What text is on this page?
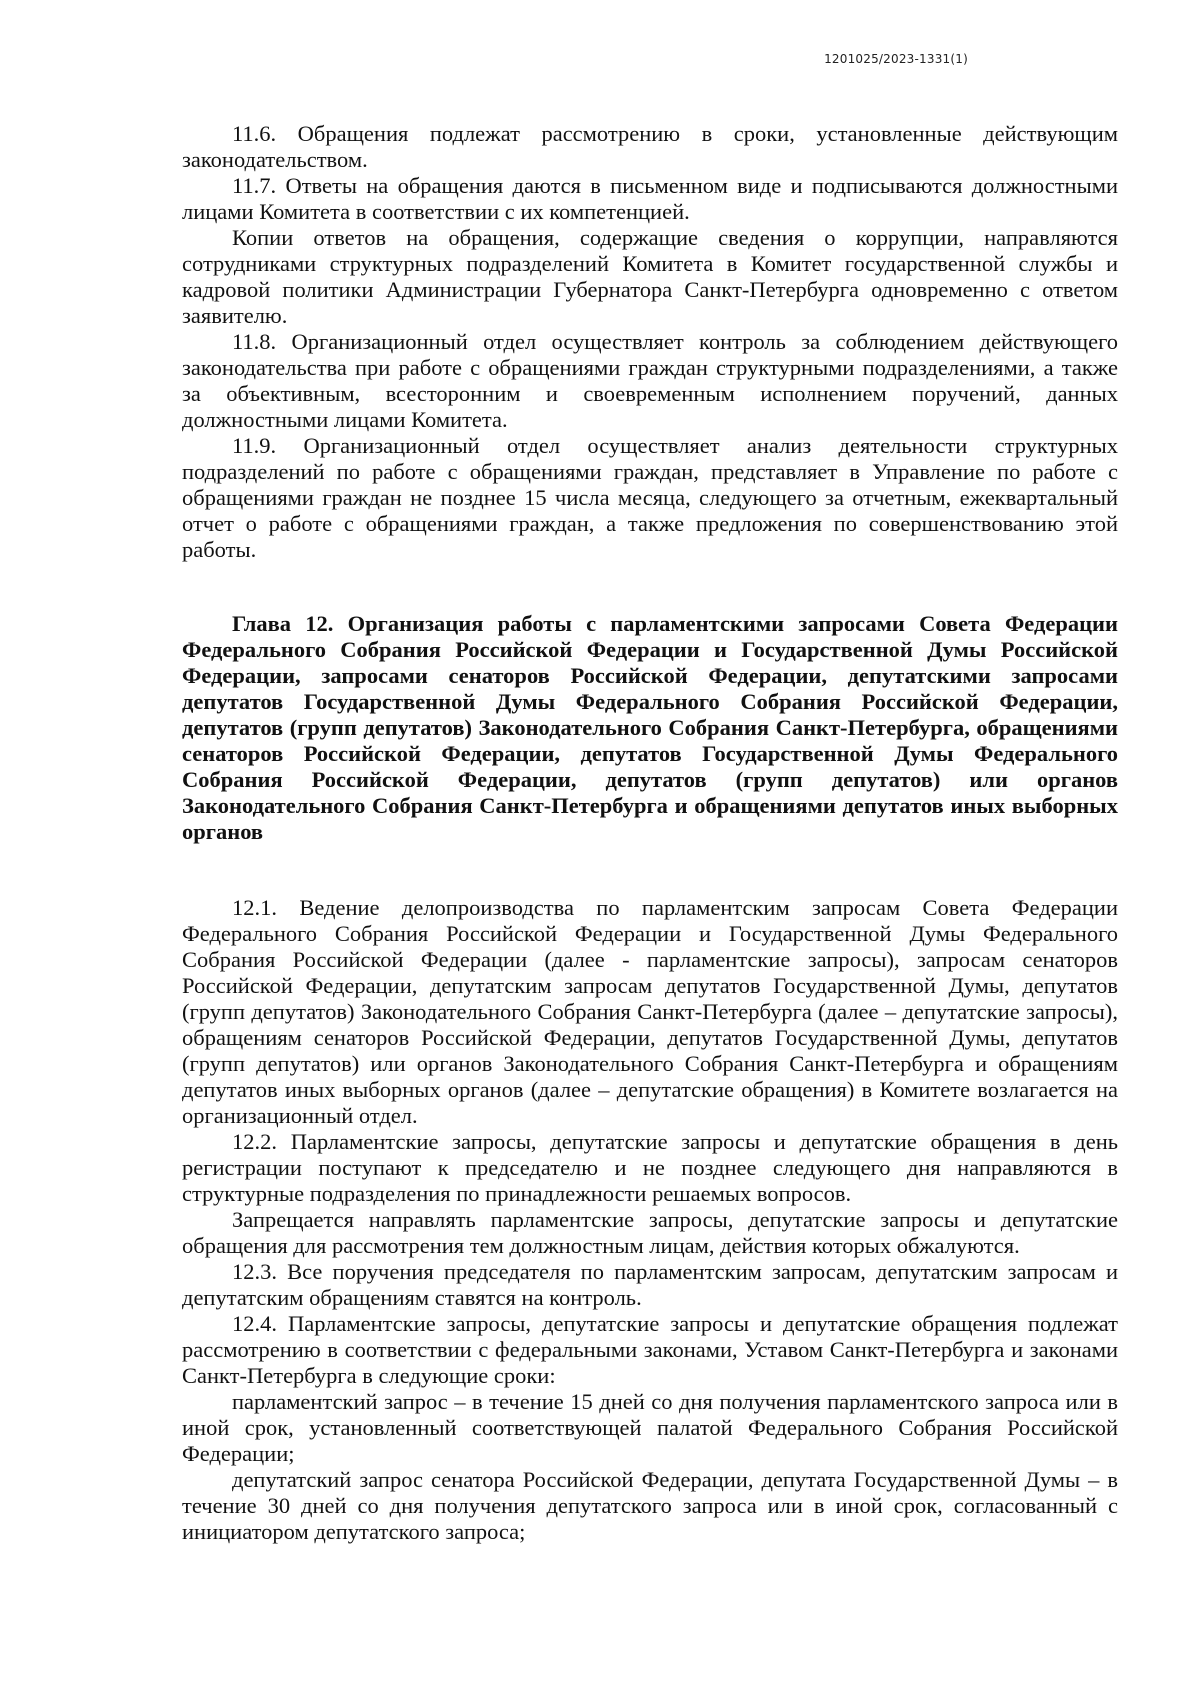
1201025/2023-1331(1)

11.6. Обращения подлежат рассмотрению в сроки, установленные действующим законодательством.

11.7. Ответы на обращения даются в письменном виде и подписываются должностными лицами Комитета в соответствии с их компетенцией.

Копии ответов на обращения, содержащие сведения о коррупции, направляются сотрудниками структурных подразделений Комитета в Комитет государственной службы и кадровой политики Администрации Губернатора Санкт-Петербурга одновременно с ответом заявителю.

11.8. Организационный отдел осуществляет контроль за соблюдением действующего законодательства при работе с обращениями граждан структурными подразделениями, а также за объективным, всесторонним и своевременным исполнением поручений, данных должностными лицами Комитета.

11.9. Организационный отдел осуществляет анализ деятельности структурных подразделений по работе с обращениями граждан, представляет в Управление по работе с обращениями граждан не позднее 15 числа месяца, следующего за отчетным, ежеквартальный отчет о работе с обращениями граждан, а также предложения по совершенствованию этой работы.

Глава 12. Организация работы с парламентскими запросами Совета Федерации Федерального Собрания Российской Федерации и Государственной Думы Российской Федерации, запросами сенаторов Российской Федерации, депутатскими запросами депутатов Государственной Думы Федерального Собрания Российской Федерации, депутатов (групп депутатов) Законодательного Собрания Санкт-Петербурга, обращениями сенаторов Российской Федерации, депутатов Государственной Думы Федерального Собрания Российской Федерации, депутатов (групп депутатов) или органов Законодательного Собрания Санкт-Петербурга и обращениями депутатов иных выборных органов

12.1. Ведение делопроизводства по парламентским запросам Совета Федерации Федерального Собрания Российской Федерации и Государственной Думы Федерального Собрания Российской Федерации (далее - парламентские запросы), запросам сенаторов Российской Федерации, депутатским запросам депутатов Государственной Думы, депутатов (групп депутатов) Законодательного Собрания Санкт-Петербурга (далее – депутатские запросы), обращениям сенаторов Российской Федерации, депутатов Государственной Думы, депутатов (групп депутатов) или органов Законодательного Собрания Санкт-Петербурга и обращениям депутатов иных выборных органов (далее – депутатские обращения) в Комитете возлагается на организационный отдел.

12.2. Парламентские запросы, депутатские запросы и депутатские обращения в день регистрации поступают к председателю и не позднее следующего дня направляются в структурные подразделения по принадлежности решаемых вопросов.

Запрещается направлять парламентские запросы, депутатские запросы и депутатские обращения для рассмотрения тем должностным лицам, действия которых обжалуются.

12.3. Все поручения председателя по парламентским запросам, депутатским запросам и депутатским обращениям ставятся на контроль.

12.4. Парламентские запросы, депутатские запросы и депутатские обращения подлежат рассмотрению в соответствии с федеральными законами, Уставом Санкт-Петербурга и законами Санкт-Петербурга в следующие сроки:

парламентский запрос – в течение 15 дней со дня получения парламентского запроса или в иной срок, установленный соответствующей палатой Федерального Собрания Российской Федерации;

депутатский запрос сенатора Российской Федерации, депутата Государственной Думы – в течение 30 дней со дня получения депутатского запроса или в иной срок, согласованный с инициатором депутатского запроса;
